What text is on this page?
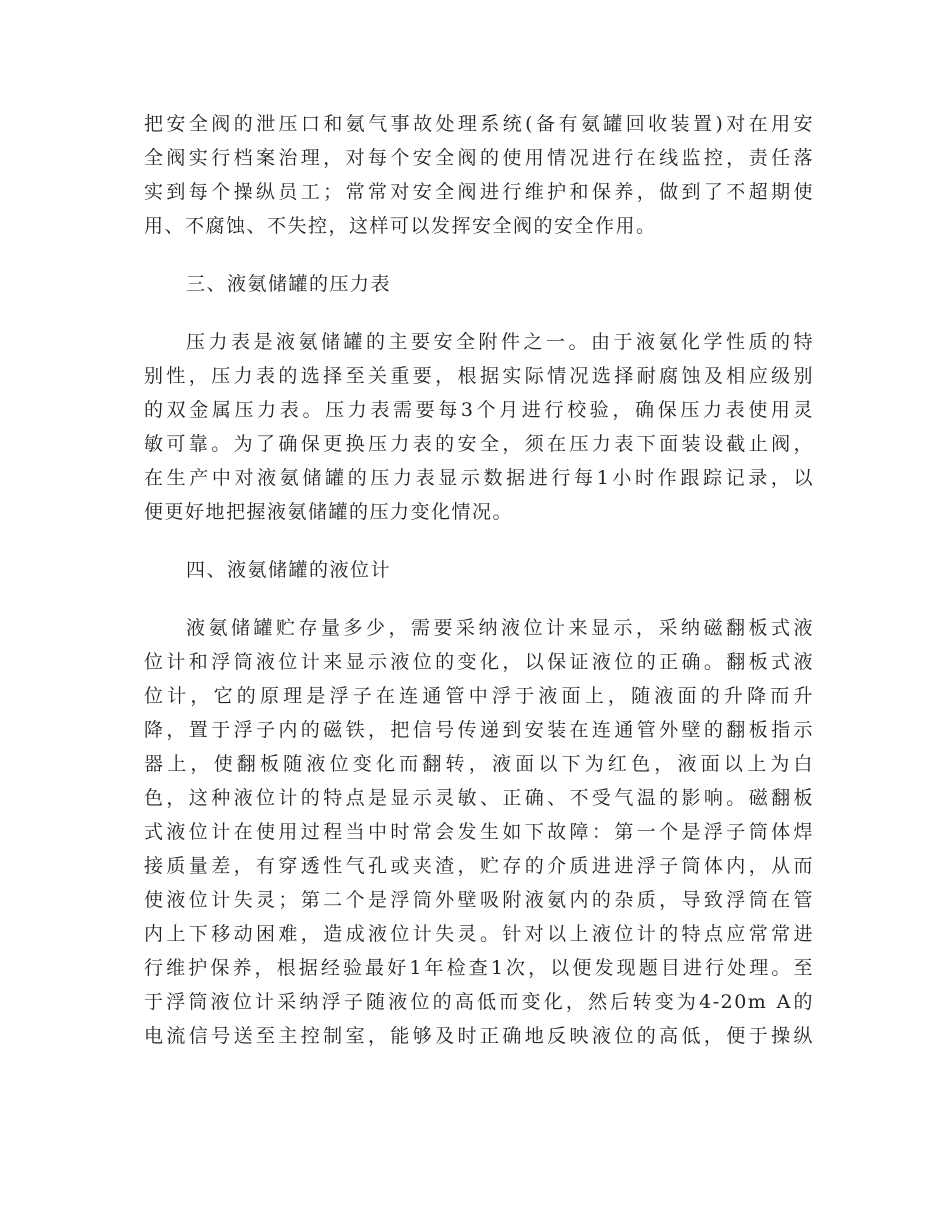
把安全阀的泄压口和氨气事故处理系统(备有氨罐回收装置)对在用安
全阀实行档案治理，对每个安全阀的使用情况进行在线监控，责任落
实到每个操纵员工；常常对安全阀进行维护和保养，做到了不超期使
用、不腐蚀、不失控，这样可以发挥安全阀的安全作用。
三、液氨储罐的压力表
压力表是液氨储罐的主要安全附件之一。由于液氨化学性质的特
别性，压力表的选择至关重要，根据实际情况选择耐腐蚀及相应级别
的双金属压力表。压力表需要每3个月进行校验，确保压力表使用灵
敏可靠。为了确保更换压力表的安全，须在压力表下面装设截止阀，
在生产中对液氨储罐的压力表显示数据进行每1小时作跟踪记录，以
便更好地把握液氨储罐的压力变化情况。
四、液氨储罐的液位计
液氨储罐贮存量多少，需要采纳液位计来显示，采纳磁翻板式液
位计和浮筒液位计来显示液位的变化，以保证液位的正确。翻板式液
位计，它的原理是浮子在连通管中浮于液面上，随液面的升降而升
降，置于浮子内的磁铁，把信号传递到安装在连通管外壁的翻板指示
器上，使翻板随液位变化而翻转，液面以下为红色，液面以上为白
色，这种液位计的特点是显示灵敏、正确、不受气温的影响。磁翻板
式液位计在使用过程当中时常会发生如下故障：第一个是浮子筒体焊
接质量差，有穿透性气孔或夹渣，贮存的介质进进浮子筒体内，从而
使液位计失灵；第二个是浮筒外壁吸附液氨内的杂质，导致浮筒在管
内上下移动困难，造成液位计失灵。针对以上液位计的特点应常常进
行维护保养，根据经验最好1年检查1次，以便发现题目进行处理。至
于浮筒液位计采纳浮子随液位的高低而变化，然后转变为4-20m A的
电流信号送至主控制室，能够及时正确地反映液位的高低，便于操纵
